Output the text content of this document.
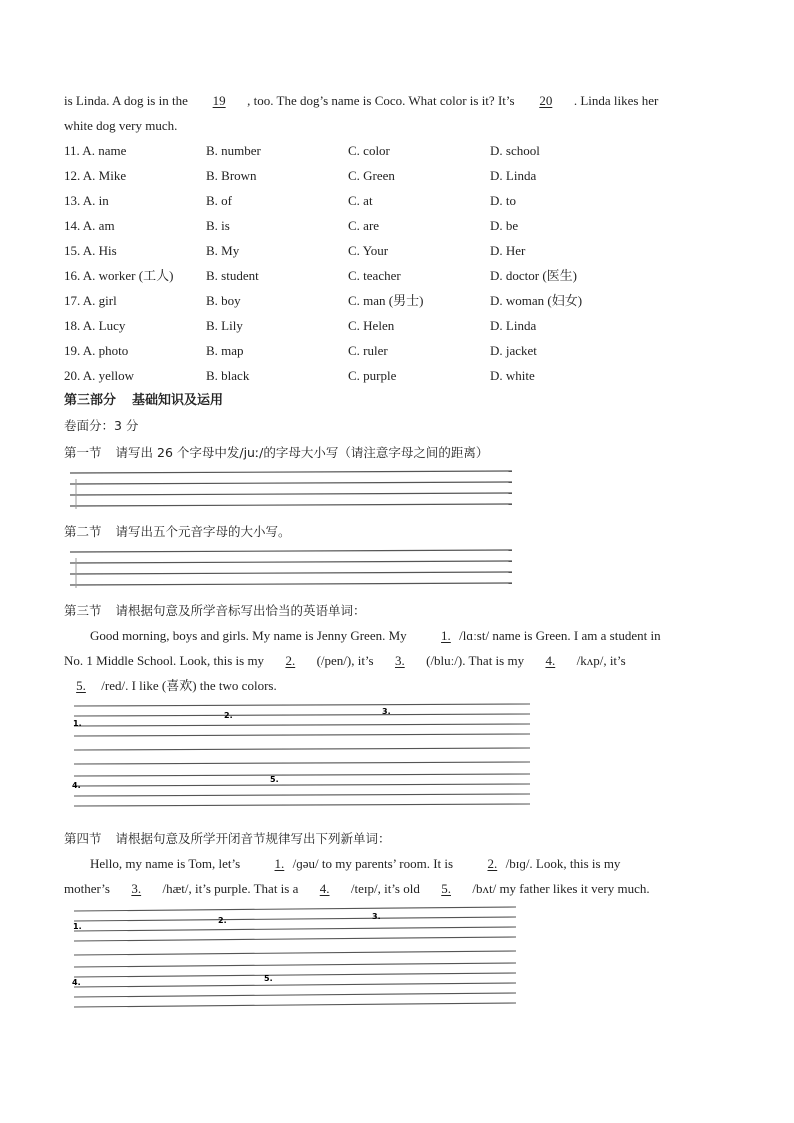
is Linda. A dog is in the 19 , too. The dog’s name is Coco. What color is it? It’s 20 . Linda likes her

white dog very much.

11. A. name	B. number	C. color	D. school
12. A. Mike	B. Brown	C. Green	D. Linda
13. A. in	B. of	C. at	D. to
14. A. am	B. is	C. are	D. be
15. A. His	B. My	C. Your	D. Her
16. A. worker (工人)	B. student	C. teacher	D. doctor (医生)
17. A. girl	B. boy	C. man (男士)	D. woman (妇女)
18. A. Lucy	B. Lily	C. Helen	D. Linda
19. A. photo	B. map	C. ruler	D. jacket
20. A. yellow	B. black	C. purple	D. white

第三部分 基础知识及运用

卷面分：3 分

第一节 请写出 26 个字母中发/juː/的字母大小写（请注意字母之间的距离）

第二节 请写出五个元音字母的大小写。

第三节 请根据句意及所学音标写出恰当的英语单词：

Good morning, boys and girls. My name is Jenny Green. My 1. /lɑːst/ name is Green. I am a student in

No. 1 Middle School. Look, this is my 2. (/pen/), it’s 3. (/bluː/). That is my 4. /kʌp/, it’s

5. /red/. I like (喜欢) the two colors.

1.
2.	3.
4.
5.

第四节 请根据句意及所学开闭音节规律写出下列新单词：

Hello, my name is Tom, let’s 1. /ɡəu/ to my parents’ room. It is 2. /bɪɡ/. Look, this is my

mother’s 3. /hæt/, it’s purple. That is a 4. /teɪp/, it’s old 5. /bʌt/ my father likes it very much.

1.
2.	3.
4.	5.
